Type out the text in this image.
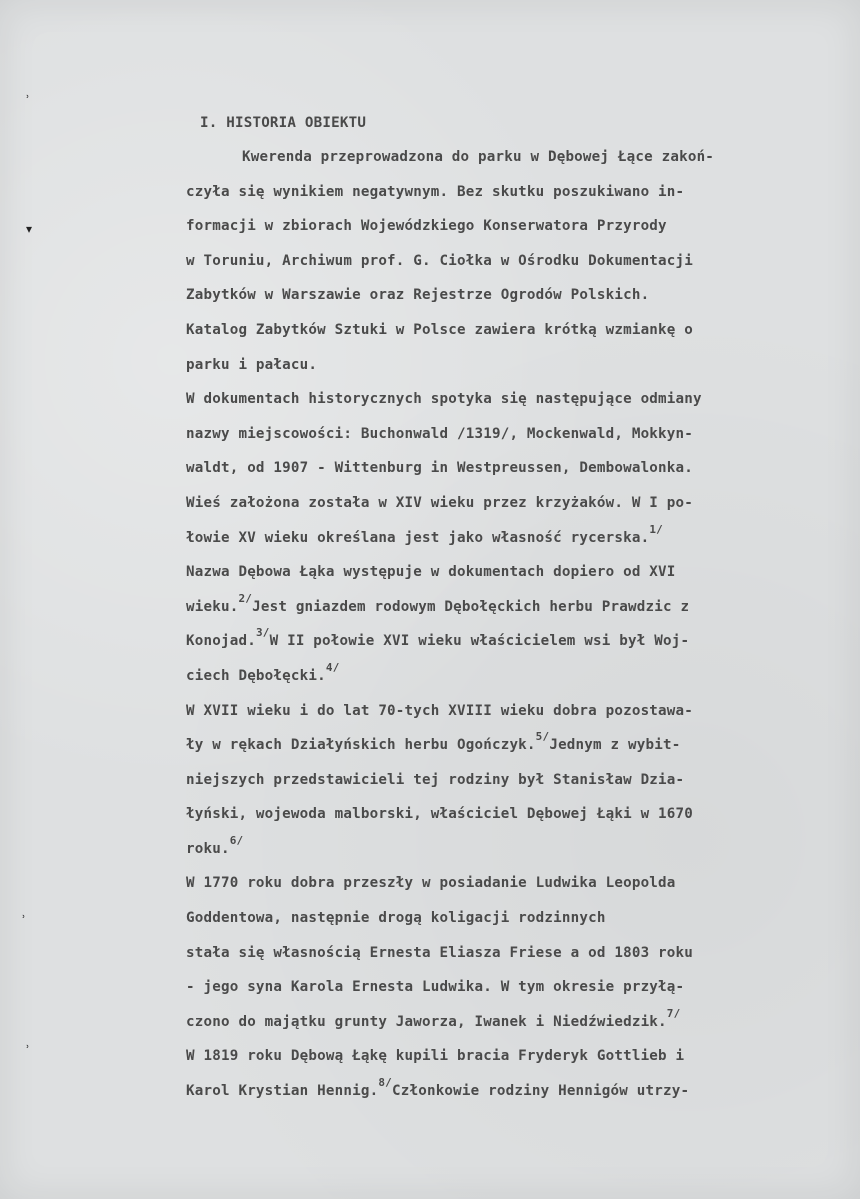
˒
▾
˒
˒
I. HISTORIA OBIEKTU
Kwerenda przeprowadzona do parku w Dębowej Łące zakoń-
czyła się wynikiem negatywnym. Bez skutku poszukiwano in-
formacji w zbiorach Wojewódzkiego Konserwatora Przyrody
w Toruniu, Archiwum prof. G. Ciołka w Ośrodku Dokumentacji
Zabytków w Warszawie oraz Rejestrze Ogrodów Polskich.
Katalog Zabytków Sztuki w Polsce zawiera krótką wzmiankę o
parku i pałacu.
W dokumentach historycznych spotyka się następujące odmiany
nazwy miejscowości: Buchonwald /1319/, Mockenwald, Mokkyn-
waldt, od 1907 - Wittenburg in Westpreussen, Dembowalonka.
Wieś założona została w XIV wieku przez krzyżaków. W I po-
łowie XV wieku określana jest jako własność rycerska.$^{1/}$
Nazwa Dębowa Łąka występuje w dokumentach dopiero od XVI
wieku.$^{2/}$Jest gniazdem rodowym Dębołęckich herbu Prawdzic z
Konojad.$^{3/}$W II połowie XVI wieku właścicielem wsi był Woj-
ciech Dębołęcki.$^{4/}$
W XVII wieku i do lat 70-tych XVIII wieku dobra pozostawa-
ły w rękach Działyńskich herbu Ogończyk.$^{5/}$Jednym z wybit-
niejszych przedstawicieli tej rodziny był Stanisław Dzia-
łyński, wojewoda malborski, właściciel Dębowej Łąki w 1670
roku.$^{6/}$
W 1770 roku dobra przeszły w posiadanie Ludwika Leopolda
Goddentowa, następnie drogą koligacji rodzinnych
stała się własnością Ernesta Eliasza Friese a od 1803 roku
- jego syna Karola Ernesta Ludwika. W tym okresie przyłą-
czono do majątku grunty Jaworza, Iwanek i Niedźwiedzik.$^{7/}$
W 1819 roku Dębową Łąkę kupili bracia Fryderyk Gottlieb i
Karol Krystian Hennig.$^{8/}$Członkowie rodziny Hennigów utrzy-
